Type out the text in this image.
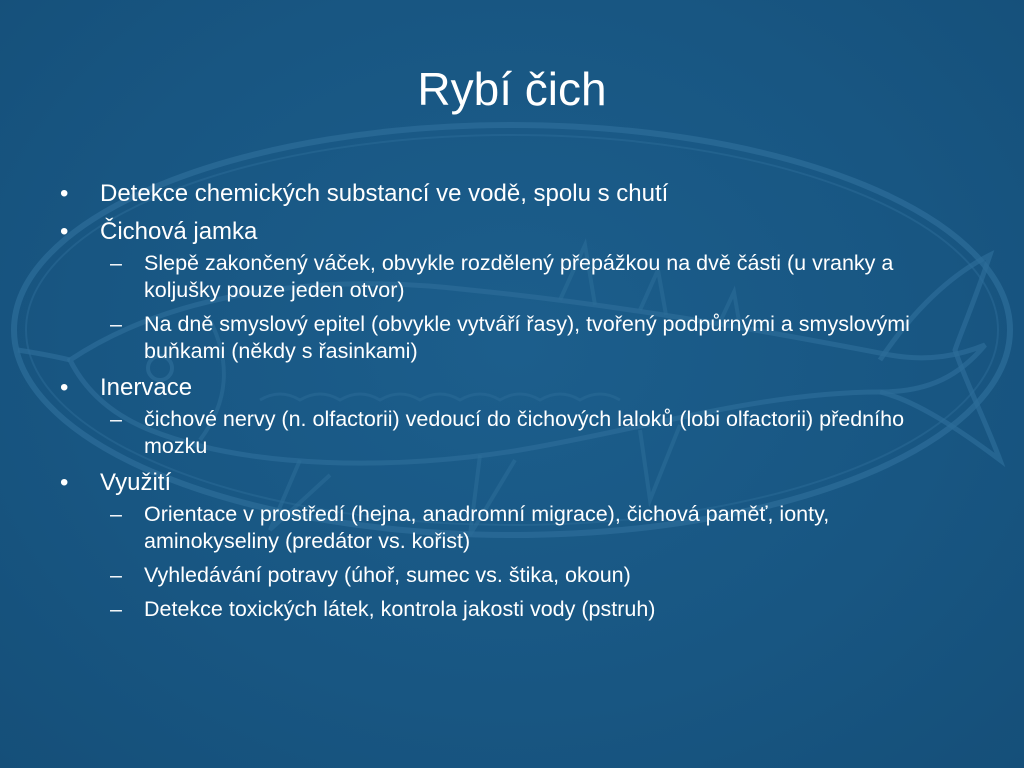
Rybí čich
•	Detekce chemických substancí ve vodě, spolu s chutí
•	Čichová jamka
– Slepě zakončený váček, obvykle rozdělený přepážkou na dvě části (u vranky a koljušky pouze jeden otvor)
– Na dně smyslový epitel (obvykle vytváří řasy), tvořený podpůrnými a smyslovými buňkami (někdy s řasinkami)
•	Inervace
– čichové nervy (n. olfactorii) vedoucí do čichových laloků (lobi olfactorii) předního mozku
•	Využití
– Orientace v prostředí (hejna, anadromní migrace), čichová paměť, ionty, aminokyseliny (predátor vs. kořist)
– Vyhledávání potravy (úhoř, sumec vs. štika, okoun)
– Detekce toxických látek, kontrola jakosti vody (pstruh)
